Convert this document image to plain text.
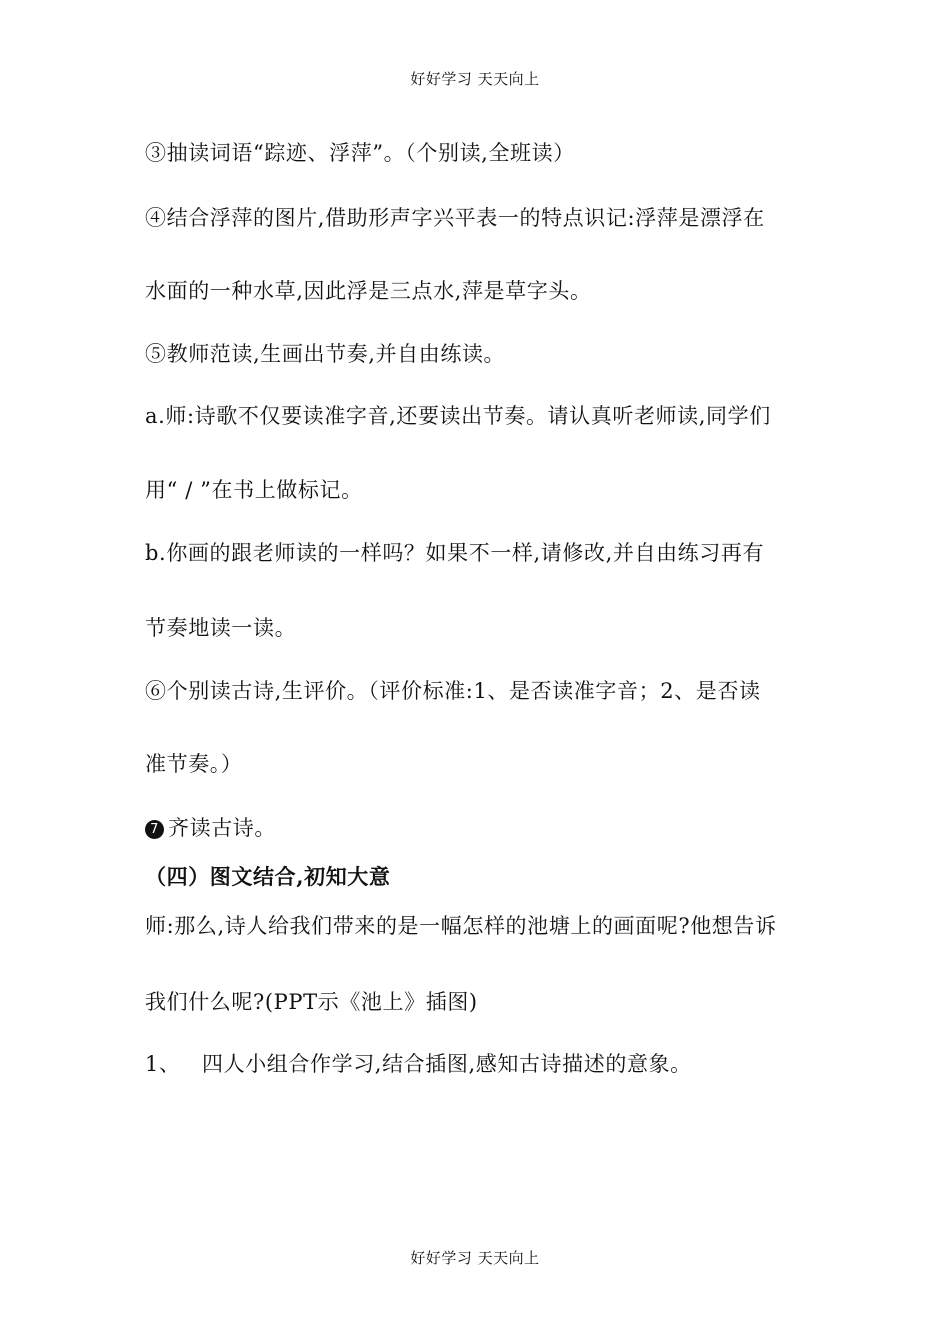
好好学习 天天向上
③抽读词语“踪迹、浮萍”。（个别读,全班读）
④结合浮萍的图片,借助形声字兴平表一的特点识记:浮萍是漂浮在
水面的一种水草,因此浮是三点水,萍是草字头。
⑤教师范读,生画出节奏,并自由练读。
a.师:诗歌不仅要读准字音,还要读出节奏。请认真听老师读,同学们
用“ / ”在书上做标记。
b.你画的跟老师读的一样吗？如果不一样,请修改,并自由练习再有
节奏地读一读。
⑥个别读古诗,生评价。（评价标准:1、是否读准字音；2、是否读
准节奏。）
7 齐读古诗。
（四）图文结合,初知大意
师:那么,诗人给我们带来的是一幅怎样的池塘上的画面呢?他想告诉
我们什么呢?(PPT示《池上》插图)
1、 四人小组合作学习,结合插图,感知古诗描述的意象。
好好学习 天天向上
